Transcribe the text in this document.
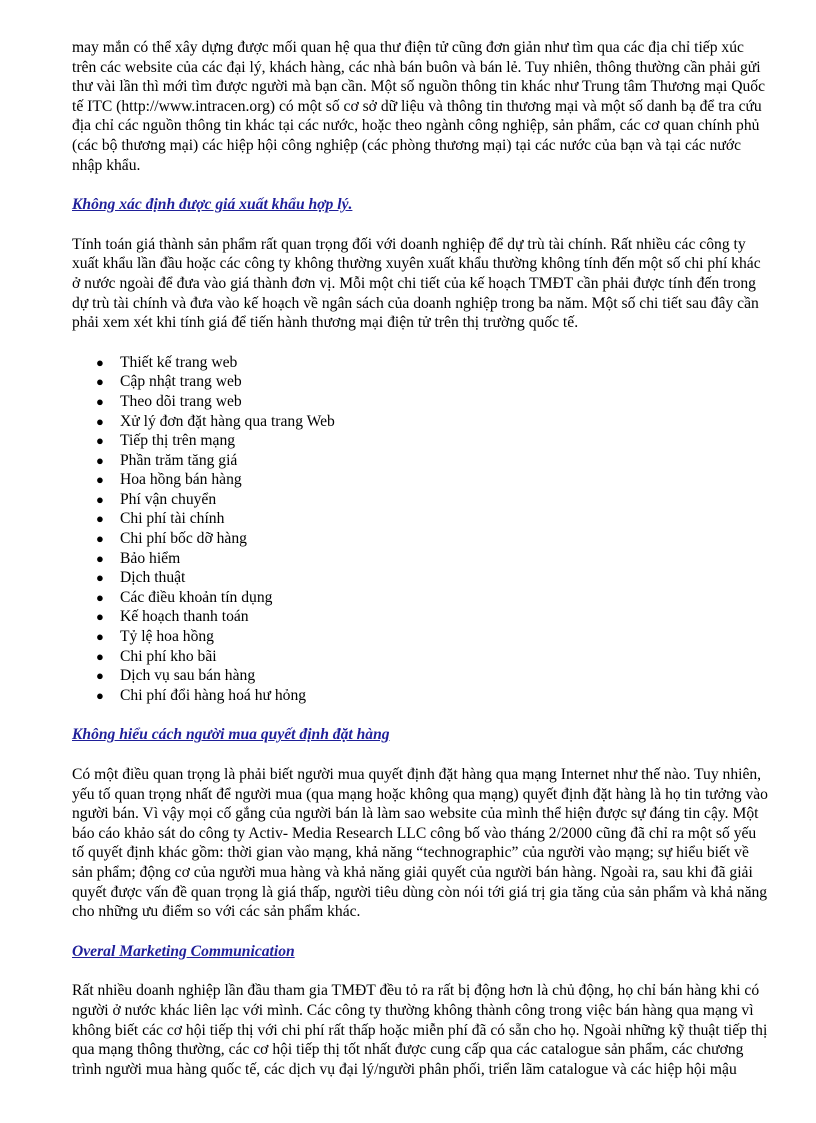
may mắn có thể xây dựng được mối quan hệ qua thư điện tử cũng đơn giản như tìm qua các địa chỉ tiếp xúc trên các website của các đại lý, khách hàng, các nhà bán buôn và bán lẻ. Tuy nhiên, thông thường cần phải gửi thư vài lần thì mới tìm được người mà bạn cần. Một số nguồn thông tin khác như Trung tâm Thương mại Quốc tế ITC (http://www.intracen.org) có một số cơ sở dữ liệu và thông tin thương mại và một số danh bạ để tra cứu địa chỉ các nguồn thông tin khác tại các nước, hoặc theo ngành công nghiệp, sản phẩm, các cơ quan chính phủ (các bộ thương mại) các hiệp hội công nghiệp (các phòng thương mại) tại các nước của bạn và tại các nước nhập khẩu.

Không xác định được giá xuất khẩu hợp lý.

Tính toán giá thành sản phẩm rất quan trọng đối với doanh nghiệp để dự trù tài chính. Rất nhiều các công ty xuất khẩu lần đầu hoặc các công ty không thường xuyên xuất khẩu thường không tính đến một số chi phí khác ở nước ngoài để đưa vào giá thành đơn vị. Mỗi một chi tiết của kế hoạch TMĐT cần phải được tính đến trong dự trù tài chính và đưa vào kế hoạch về ngân sách của doanh nghiệp trong ba năm. Một số chi tiết sau đây cần phải xem xét khi tính giá để tiến hành thương mại điện tử trên thị trường quốc tế.

● Thiết kế trang web
● Cập nhật trang web
● Theo dõi trang web
● Xử lý đơn đặt hàng qua trang Web
● Tiếp thị trên mạng
● Phần trăm tăng giá
● Hoa hồng bán hàng
● Phí vận chuyển
● Chi phí tài chính
● Chi phí bốc dỡ hàng
● Bảo hiểm
● Dịch thuật
● Các điều khoản tín dụng
● Kế hoạch thanh toán
● Tỷ lệ hoa hồng
● Chi phí kho bãi
● Dịch vụ sau bán hàng
● Chi phí đổi hàng hoá hư hỏng

Không hiểu cách người mua quyết định đặt hàng

Có một điều quan trọng là phải biết người mua quyết định đặt hàng qua mạng Internet như thế nào. Tuy nhiên, yếu tố quan trọng nhất để người mua (qua mạng hoặc không qua mạng) quyết định đặt hàng là họ tin tưởng vào người bán. Vì vậy mọi cố gắng của người bán là làm sao website của mình thể hiện được sự đáng tin cậy. Một báo cáo khảo sát do công ty Activ- Media Research LLC công bố vào tháng 2/2000 cũng đã chỉ ra một số yếu tố quyết định khác gồm: thời gian vào mạng, khả năng “technographic” của người vào mạng; sự hiểu biết về sản phẩm; động cơ của người mua hàng và khả năng giải quyết của người bán hàng. Ngoài ra, sau khi đã giải quyết được vấn đề quan trọng là giá thấp, người tiêu dùng còn nói tới giá trị gia tăng của sản phẩm và khả năng cho những ưu điểm so với các sản phẩm khác.

Overal Marketing Communication

Rất nhiều doanh nghiệp lần đầu tham gia TMĐT đều tỏ ra rất bị động hơn là chủ động, họ chỉ bán hàng khi có người ở nước khác liên lạc với mình. Các công ty thường không thành công trong việc bán hàng qua mạng vì không biết các cơ hội tiếp thị với chi phí rất thấp hoặc miễn phí đã có sẵn cho họ. Ngoài những kỹ thuật tiếp thị qua mạng thông thường, các cơ hội tiếp thị tốt nhất được cung cấp qua các catalogue sản phẩm, các chương trình người mua hàng quốc tế, các dịch vụ đại lý/người phân phối, triển lãm catalogue và các hiệp hội mậu
